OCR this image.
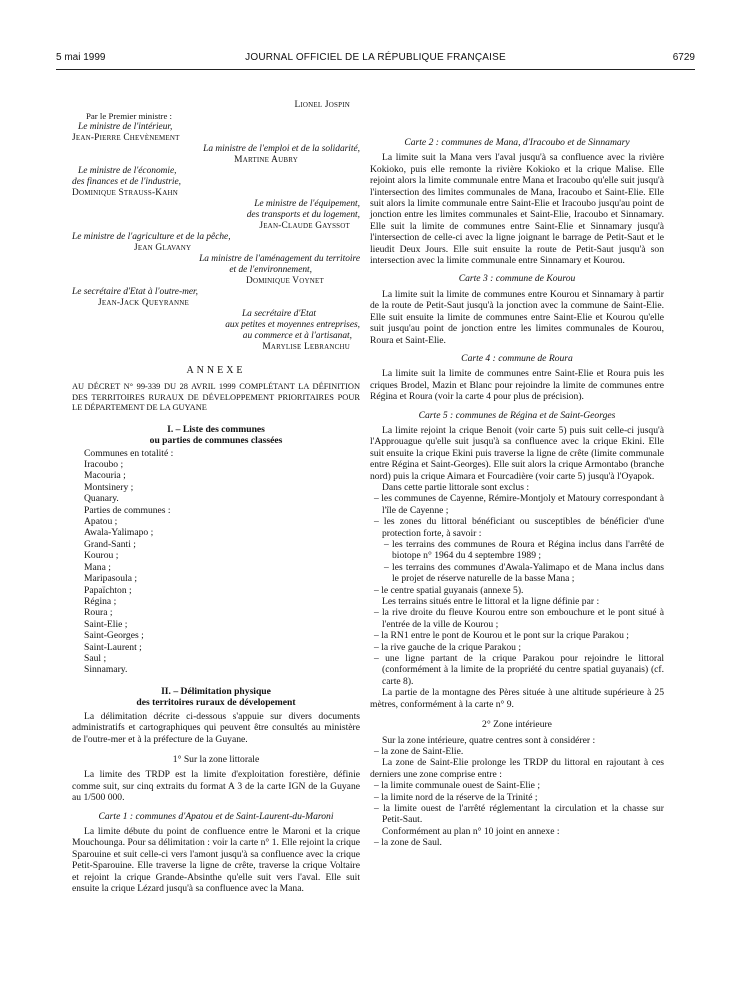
5 mai 1999	JOURNAL OFFICIEL DE LA RÉPUBLIQUE FRANÇAISE	6729
Lionel Jospin
Par le Premier ministre :
Le ministre de l'intérieur,
Jean-Pierre Chevènement
La ministre de l'emploi et de la solidarité,
Martine Aubry
Le ministre de l'économie,
des finances et de l'industrie,
Dominique Strauss-Kahn
Le ministre de l'équipement,
des transports et du logement,
Jean-Claude Gayssot
Le ministre de l'agriculture et de la pêche,
Jean Glavany
La ministre de l'aménagement du territoire
et de l'environnement,
Dominique Voynet
Le secrétaire d'Etat à l'outre-mer,
Jean-Jack Queyranne
La secrétaire d'Etat
aux petites et moyennes entreprises,
au commerce et à l'artisanat,
Marylise Lebranchu
ANNEXE
AU DÉCRET N° 99-339 DU 28 AVRIL 1999 COMPLÉTANT LA DÉFINITION DES TERRITOIRES RURAUX DE DÉVELOPPEMENT PRIORITAIRES POUR LE DÉPARTEMENT DE LA GUYANE
I. – Liste des communes
ou parties de communes classées
Communes en totalité :
Iracoubo ;
Macouria ;
Montsinery ;
Quanary.
Parties de communes :
Apatou ;
Awala-Yalimapo ;
Grand-Santi ;
Kourou ;
Mana ;
Maripasoula ;
Papaïchton ;
Régina ;
Roura ;
Saint-Elie ;
Saint-Georges ;
Saint-Laurent ;
Saul ;
Sinnamary.
II. – Délimitation physique
des territoires ruraux de dévelopement

La délimitation décrite ci-dessous s'appuie sur divers documents administratifs et cartographiques qui peuvent être consultés au ministère de l'outre-mer et à la préfecture de la Guyane.

1° Sur la zone littorale

La limite des TRDP est la limite d'exploitation forestière, définie comme suit, sur cinq extraits du format A 3 de la carte IGN de la Guyane au 1/500 000.

Carte 1 : communes d'Apatou et de Saint-Laurent-du-Maroni

La limite débute du point de confluence entre le Maroni et la crique Mouchounga. Pour sa délimitation : voir la carte n° 1. Elle rejoint la crique Sparouine et suit celle-ci vers l'amont jusqu'à sa confluence avec la crique Petit-Sparouine. Elle traverse la ligne de crête, traverse la crique Voltaire et rejoint la crique Grande-Absinthe qu'elle suit vers l'aval. Elle suit ensuite la crique Lézard jusqu'à sa confluence avec la Mana.

Carte 2 : communes de Mana, d'Iracoubo et de Sinnamary

La limite suit la Mana vers l'aval jusqu'à sa confluence avec la rivière Kokioko, puis elle remonte la rivière Kokioko et la crique Malise. Elle rejoint alors la limite communale entre Mana et Iracoubo qu'elle suit jusqu'à l'intersection des limites communales de Mana, Iracoubo et Saint-Elie. Elle suit alors la limite communale entre Saint-Elie et Iracoubo jusqu'au point de jonction entre les limites communales et Saint-Elie, Iracoubo et Sinnamary. Elle suit la limite de communes entre Saint-Elie et Sinnamary jusqu'à l'intersection de celle-ci avec la ligne joignant le barrage de Petit-Saut et le lieudit Deux Jours. Elle suit ensuite la route de Petit-Saut jusqu'à son intersection avec la limite communale entre Sinnamary et Kourou.

Carte 3 : commune de Kourou

La limite suit la limite de communes entre Kourou et Sinnamary à partir de la route de Petit-Saut jusqu'à la jonction avec la commune de Saint-Elie. Elle suit ensuite la limite de communes entre Saint-Elie et Kourou qu'elle suit jusqu'au point de jonction entre les limites communales de Kourou, Roura et Saint-Elie.

Carte 4 : commune de Roura

La limite suit la limite de communes entre Saint-Elie et Roura puis les criques Brodel, Mazin et Blanc pour rejoindre la limite de communes entre Régina et Roura (voir la carte 4 pour plus de précision).

Carte 5 : communes de Régina et de Saint-Georges

La limite rejoint la crique Benoit (voir carte 5) puis suit celle-ci jusqu'à l'Approuague qu'elle suit jusqu'à sa confluence avec la crique Ekini. Elle suit ensuite la crique Ekini puis traverse la ligne de crête (limite communale entre Régina et Saint-Georges). Elle suit alors la crique Armontabo (branche nord) puis la crique Aimara et Fourcadière (voir carte 5) jusqu'à l'Oyapok.

Dans cette partie littorale sont exclus :

– les communes de Cayenne, Rémire-Montjoly et Matoury correspondant à l'île de Cayenne ;

– les zones du littoral bénéficiant ou susceptibles de bénéficier d'une protection forte, à savoir :

– les terrains des communes de Roura et Régina inclus dans l'arrêté de biotope n° 1964 du 4 septembre 1989 ;

– les terrains des communes d'Awala-Yalimapo et de Mana inclus dans le projet de réserve naturelle de la basse Mana ;

– le centre spatial guyanais (annexe 5).

Les terrains situés entre le littoral et la ligne définie par :

– la rive droite du fleuve Kourou entre son embouchure et le pont situé à l'entrée de la ville de Kourou ;

– la RN1 entre le pont de Kourou et le pont sur la crique Parakou ;

– la rive gauche de la crique Parakou ;

– une ligne partant de la crique Parakou pour rejoindre le littoral (conformément à la limite de la propriété du centre spatial guyanais) (cf. carte 8).

La partie de la montagne des Pères située à une altitude supérieure à 25 mètres, conformément à la carte n° 9.

2° Zone intérieure

Sur la zone intérieure, quatre centres sont à considérer :

– la zone de Saint-Elie.

La zone de Saint-Elie prolonge les TRDP du littoral en rajoutant à ces derniers une zone comprise entre :

– la limite communale ouest de Saint-Elie ;

– la limite nord de la réserve de la Trinité ;

– la limite ouest de l'arrêté réglementant la circulation et la chasse sur Petit-Saut.

Conformément au plan n° 10 joint en annexe :

– la zone de Saul.
